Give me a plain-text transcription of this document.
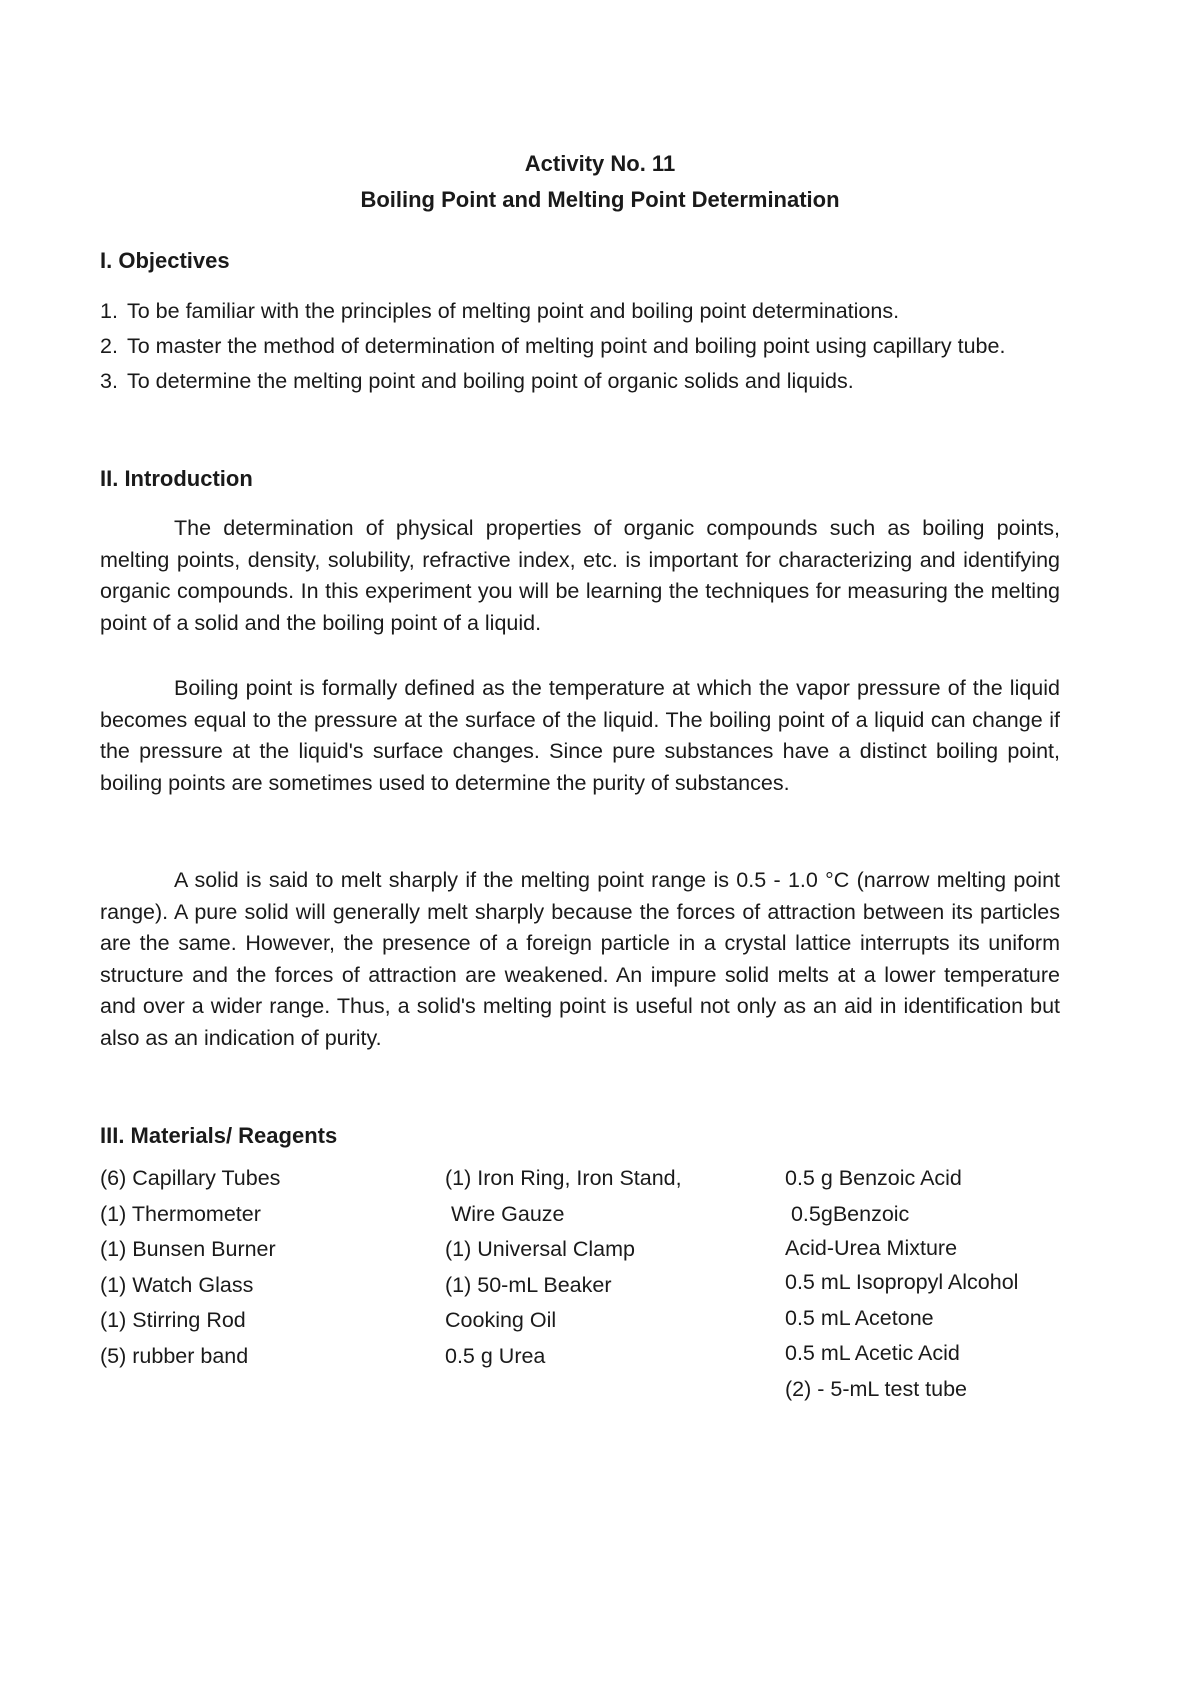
Activity No. 11
Boiling Point and Melting Point Determination
I. Objectives
1. To be familiar with the principles of melting point and boiling point determinations.
2. To master the method of determination of melting point and boiling point using capillary tube.
3. To determine the melting point and boiling point of organic solids and liquids.
II. Introduction

The determination of physical properties of organic compounds such as boiling points, melting points, density, solubility, refractive index, etc. is important for characterizing and identifying organic compounds. In this experiment you will be learning the techniques for measuring the melting point of a solid and the boiling point of a liquid.

Boiling point is formally defined as the temperature at which the vapor pressure of the liquid becomes equal to the pressure at the surface of the liquid. The boiling point of a liquid can change if the pressure at the liquid's surface changes. Since pure substances have a distinct boiling point, boiling points are sometimes used to determine the purity of substances.

A solid is said to melt sharply if the melting point range is 0.5 - 1.0 °C (narrow melting point range). A pure solid will generally melt sharply because the forces of attraction between its particles are the same. However, the presence of a foreign particle in a crystal lattice interrupts its uniform structure and the forces of attraction are weakened. An impure solid melts at a lower temperature and over a wider range. Thus, a solid's melting point is useful not only as an aid in identification but also as an indication of purity.

III. Materials/ Reagents
(6) Capillary Tubes
(1) Thermometer
(1) Bunsen Burner
(1) Watch Glass
(1) Stirring Rod
(5) rubber band
(1) Iron Ring, Iron Stand,
Wire Gauze
(1) Universal Clamp
(1) 50-mL Beaker
Cooking Oil
0.5 g Urea
0.5 g Benzoic Acid
0.5gBenzoic
Acid-Urea Mixture
0.5 mL Isopropyl Alcohol
0.5 mL Acetone
0.5 mL Acetic Acid
(2) - 5-mL test tube
